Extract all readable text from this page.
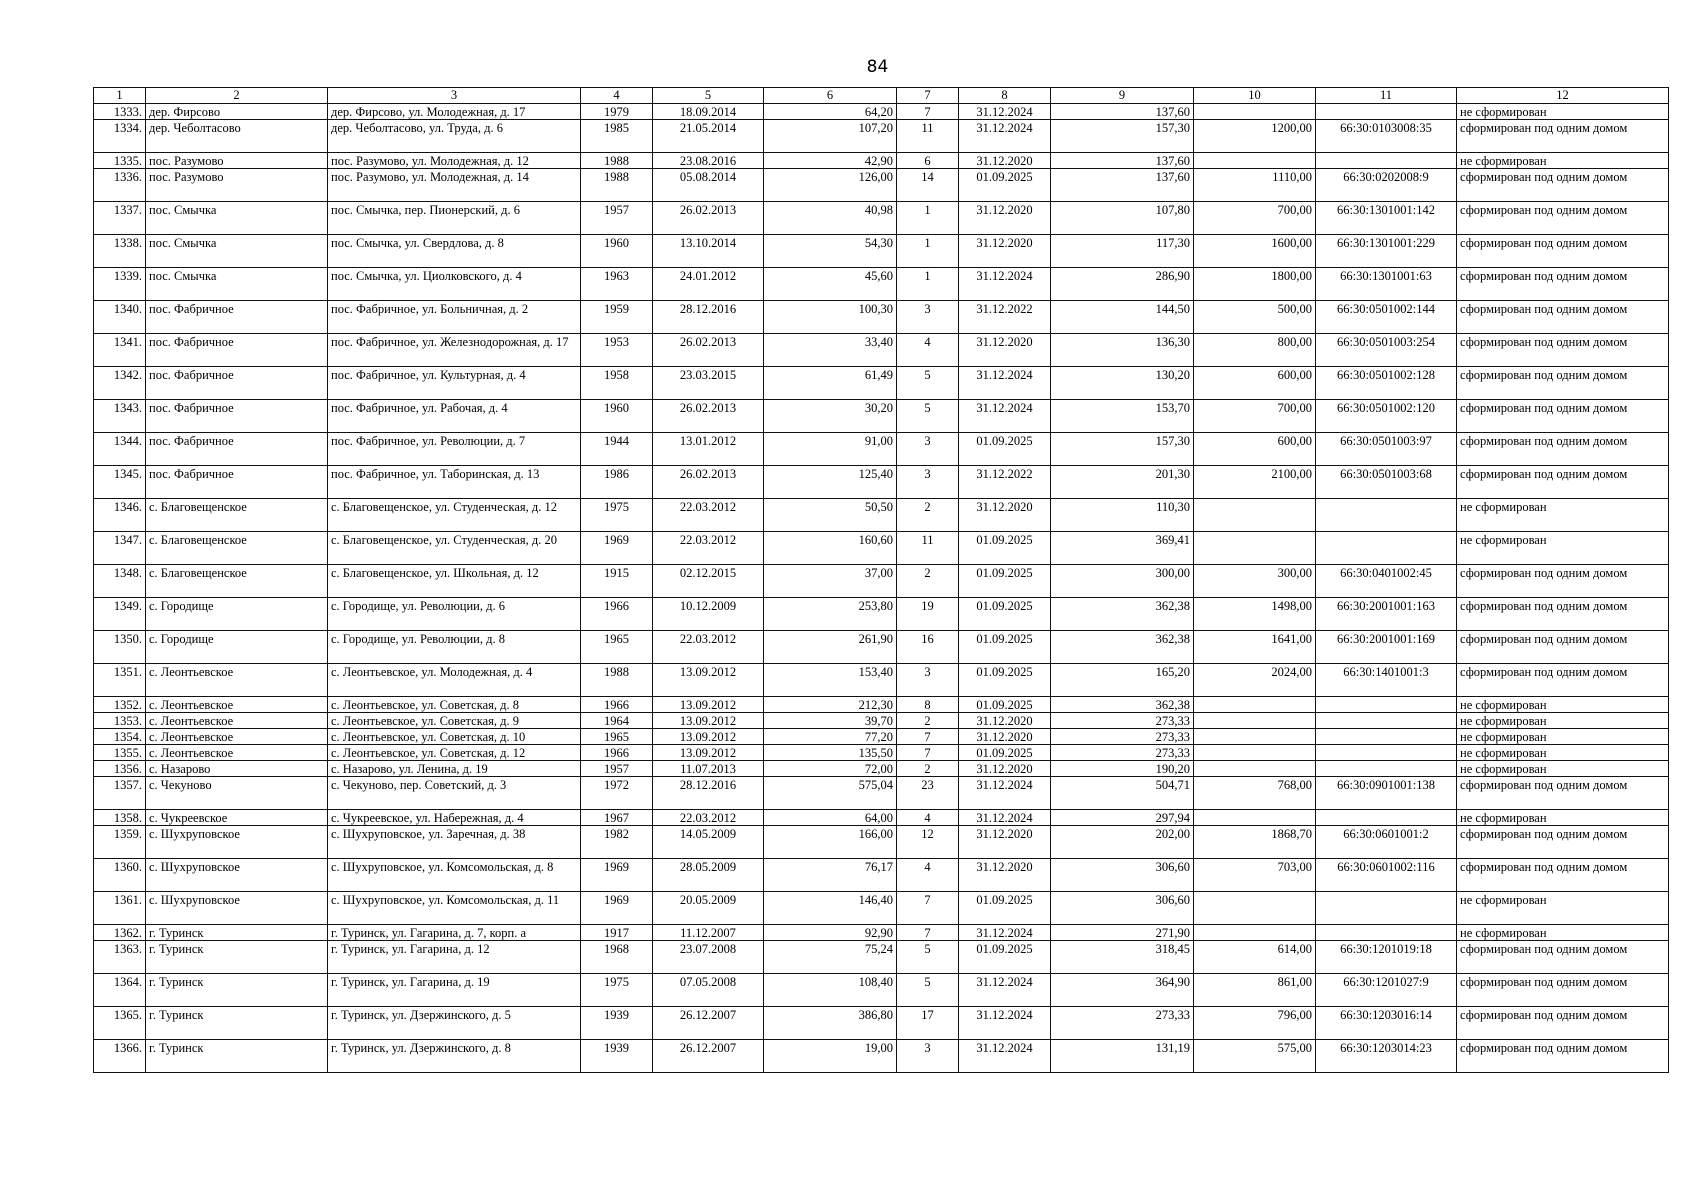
84
1	2	3	4	5	6	7	8	9	10	11	12
1333.	дер. Фирсово	дер. Фирсово, ул. Молодежная, д. 17	1979	18.09.2014	64,20	7	31.12.2024	137,60			не сформирован
1334.	дер. Чеболтасово	дер. Чеболтасово, ул. Труда, д. 6	1985	21.05.2014	107,20	11	31.12.2024	157,30	1200,00	66:30:0103008:35	сформирован под одним домом
1335.	пос. Разумово	пос. Разумово, ул. Молодежная, д. 12	1988	23.08.2016	42,90	6	31.12.2020	137,60			не сформирован
1336.	пос. Разумово	пос. Разумово, ул. Молодежная, д. 14	1988	05.08.2014	126,00	14	01.09.2025	137,60	1110,00	66:30:0202008:9	сформирован под одним домом
1337.	пос. Смычка	пос. Смычка, пер. Пионерский, д. 6	1957	26.02.2013	40,98	1	31.12.2020	107,80	700,00	66:30:1301001:142	сформирован под одним домом
1338.	пос. Смычка	пос. Смычка, ул. Свердлова, д. 8	1960	13.10.2014	54,30	1	31.12.2020	117,30	1600,00	66:30:1301001:229	сформирован под одним домом
1339.	пос. Смычка	пос. Смычка, ул. Циолковского, д. 4	1963	24.01.2012	45,60	1	31.12.2024	286,90	1800,00	66:30:1301001:63	сформирован под одним домом
1340.	пос. Фабричное	пос. Фабричное, ул. Больничная, д. 2	1959	28.12.2016	100,30	3	31.12.2022	144,50	500,00	66:30:0501002:144	сформирован под одним домом
1341.	пос. Фабричное	пос. Фабричное, ул. Железнодорожная, д. 17	1953	26.02.2013	33,40	4	31.12.2020	136,30	800,00	66:30:0501003:254	сформирован под одним домом
1342.	пос. Фабричное	пос. Фабричное, ул. Культурная, д. 4	1958	23.03.2015	61,49	5	31.12.2024	130,20	600,00	66:30:0501002:128	сформирован под одним домом
1343.	пос. Фабричное	пос. Фабричное, ул. Рабочая, д. 4	1960	26.02.2013	30,20	5	31.12.2024	153,70	700,00	66:30:0501002:120	сформирован под одним домом
1344.	пос. Фабричное	пос. Фабричное, ул. Революции, д. 7	1944	13.01.2012	91,00	3	01.09.2025	157,30	600,00	66:30:0501003:97	сформирован под одним домом
1345.	пос. Фабричное	пос. Фабричное, ул. Таборинская, д. 13	1986	26.02.2013	125,40	3	31.12.2022	201,30	2100,00	66:30:0501003:68	сформирован под одним домом
1346.	с. Благовещенское	с. Благовещенское, ул. Студенческая, д. 12	1975	22.03.2012	50,50	2	31.12.2020	110,30			не сформирован
1347.	с. Благовещенское	с. Благовещенское, ул. Студенческая, д. 20	1969	22.03.2012	160,60	11	01.09.2025	369,41			не сформирован
1348.	с. Благовещенское	с. Благовещенское, ул. Школьная, д. 12	1915	02.12.2015	37,00	2	01.09.2025	300,00	300,00	66:30:0401002:45	сформирован под одним домом
1349.	с. Городище	с. Городище, ул. Революции, д. 6	1966	10.12.2009	253,80	19	01.09.2025	362,38	1498,00	66:30:2001001:163	сформирован под одним домом
1350.	с. Городище	с. Городище, ул. Революции, д. 8	1965	22.03.2012	261,90	16	01.09.2025	362,38	1641,00	66:30:2001001:169	сформирован под одним домом
1351.	с. Леонтьевское	с. Леонтьевское, ул. Молодежная, д. 4	1988	13.09.2012	153,40	3	01.09.2025	165,20	2024,00	66:30:1401001:3	сформирован под одним домом
1352.	с. Леонтьевское	с. Леонтьевское, ул. Советская, д. 8	1966	13.09.2012	212,30	8	01.09.2025	362,38			не сформирован
1353.	с. Леонтьевское	с. Леонтьевское, ул. Советская, д. 9	1964	13.09.2012	39,70	2	31.12.2020	273,33			не сформирован
1354.	с. Леонтьевское	с. Леонтьевское, ул. Советская, д. 10	1965	13.09.2012	77,20	7	31.12.2020	273,33			не сформирован
1355.	с. Леонтьевское	с. Леонтьевское, ул. Советская, д. 12	1966	13.09.2012	135,50	7	01.09.2025	273,33			не сформирован
1356.	с. Назарово	с. Назарово, ул. Ленина, д. 19	1957	11.07.2013	72,00	2	31.12.2020	190,20			не сформирован
1357.	с. Чекуново	с. Чекуново, пер. Советский, д. 3	1972	28.12.2016	575,04	23	31.12.2024	504,71	768,00	66:30:0901001:138	сформирован под одним домом
1358.	с. Чукреевское	с. Чукреевское, ул. Набережная, д. 4	1967	22.03.2012	64,00	4	31.12.2024	297,94			не сформирован
1359.	с. Шухруповское	с. Шухруповское, ул. Заречная, д. 38	1982	14.05.2009	166,00	12	31.12.2020	202,00	1868,70	66:30:0601001:2	сформирован под одним домом
1360.	с. Шухруповское	с. Шухруповское, ул. Комсомольская, д. 8	1969	28.05.2009	76,17	4	31.12.2020	306,60	703,00	66:30:0601002:116	сформирован под одним домом
1361.	с. Шухруповское	с. Шухруповское, ул. Комсомольская, д. 11	1969	20.05.2009	146,40	7	01.09.2025	306,60			не сформирован
1362.	г. Туринск	г. Туринск, ул. Гагарина, д. 7, корп. а	1917	11.12.2007	92,90	7	31.12.2024	271,90			не сформирован
1363.	г. Туринск	г. Туринск, ул. Гагарина, д. 12	1968	23.07.2008	75,24	5	01.09.2025	318,45	614,00	66:30:1201019:18	сформирован под одним домом
1364.	г. Туринск	г. Туринск, ул. Гагарина, д. 19	1975	07.05.2008	108,40	5	31.12.2024	364,90	861,00	66:30:1201027:9	сформирован под одним домом
1365.	г. Туринск	г. Туринск, ул. Дзержинского, д. 5	1939	26.12.2007	386,80	17	31.12.2024	273,33	796,00	66:30:1203016:14	сформирован под одним домом
1366.	г. Туринск	г. Туринск, ул. Дзержинского, д. 8	1939	26.12.2007	19,00	3	31.12.2024	131,19	575,00	66:30:1203014:23	сформирован под одним домом
